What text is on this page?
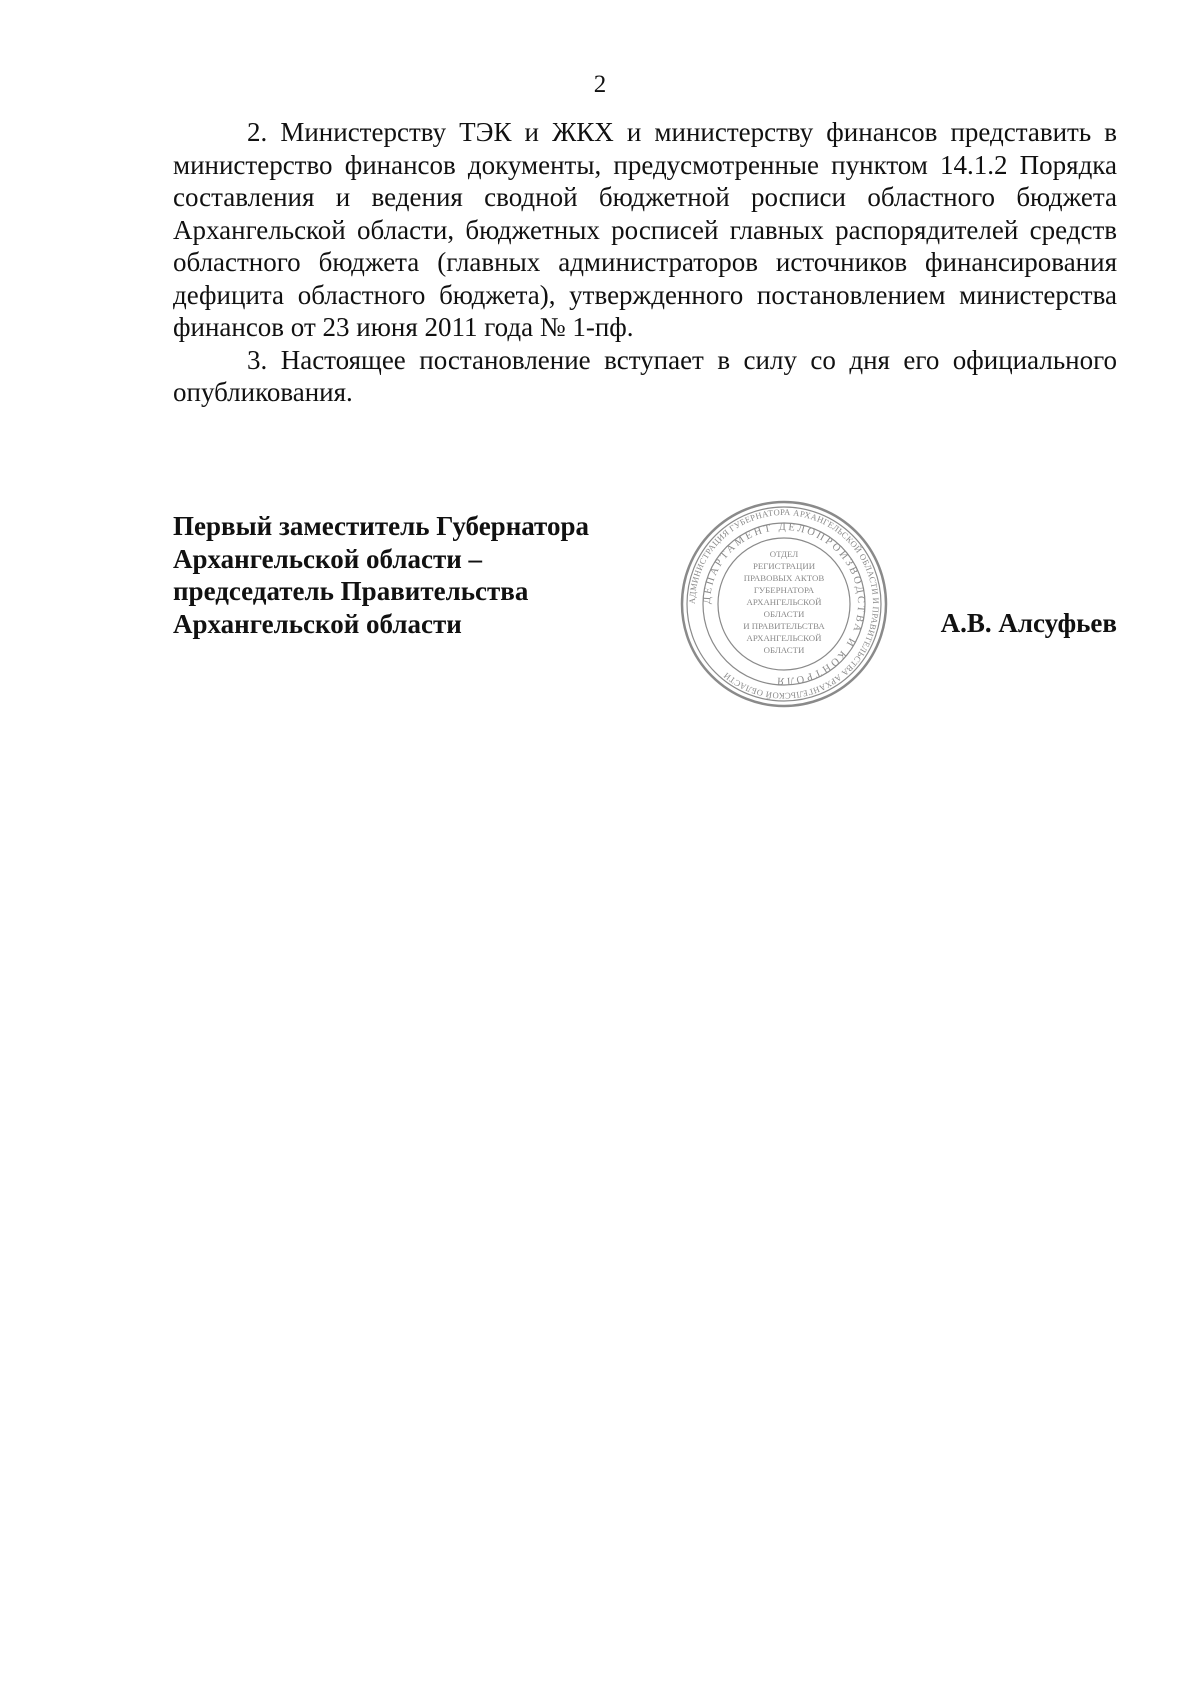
2

2. Министерству ТЭК и ЖКХ и министерству финансов представить в министерство финансов документы, предусмотренные пунктом 14.1.2 Порядка составления и ведения сводной бюджетной росписи областного бюджета Архангельской области, бюджетных росписей главных распорядителей средств областного бюджета (главных администраторов источников финансирования дефицита областного бюджета), утвержденного постановлением министерства финансов от 23 июня 2011 года № 1-пф.

3. Настоящее постановление вступает в силу со дня его официального опубликования.

Первый заместитель Губернатора
Архангельской области –
председатель Правительства
Архангельской области
АДМИНИСТРАЦИЯ ГУБЕРНАТОРА АРХАНГЕЛЬСКОЙ ОБЛАСТИ И ПРАВИТЕЛЬСТВА АРХАНГЕЛЬСКОЙ ОБЛАСТИ
ДЕПАРТАМЕНТ ДЕЛОПРОИЗВОДСТВА И КОНТРОЛЯ
ОТДЕЛ
РЕГИСТРАЦИИ
ПРАВОВЫХ АКТОВ
ГУБЕРНАТОРА
АРХАНГЕЛЬСКОЙ
ОБЛАСТИ
И ПРАВИТЕЛЬСТВА
АРХАНГЕЛЬСКОЙ
ОБЛАСТИ
А.В. Алсуфьев
